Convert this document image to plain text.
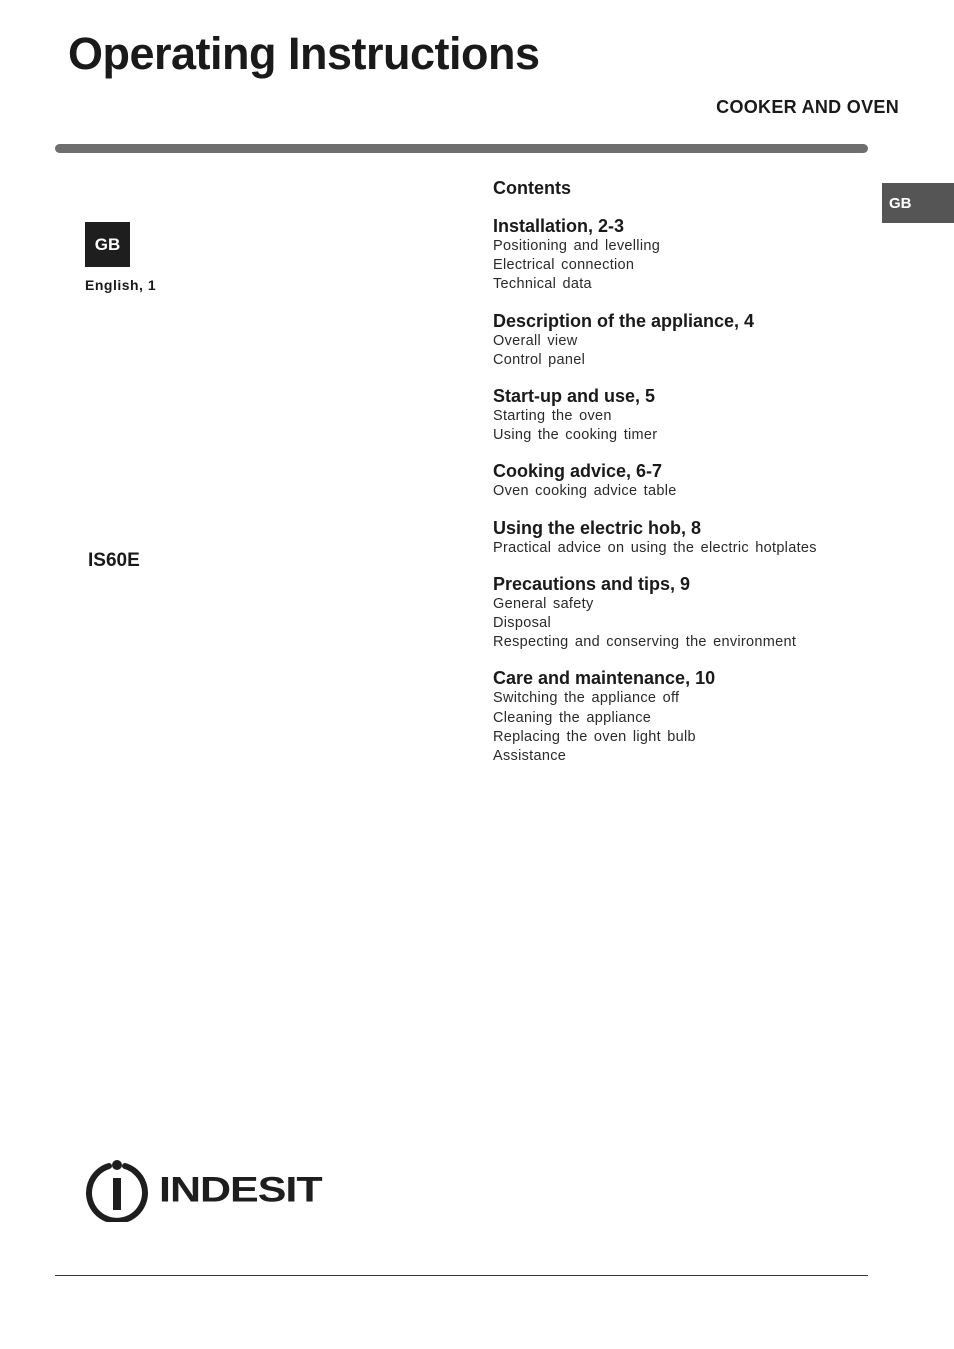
Operating Instructions
COOKER AND OVEN
GB
GB
English, 1
IS60E
Contents
Installation, 2-3
Positioning and levelling
Electrical connection
Technical data
Description of the appliance, 4
Overall view
Control panel
Start-up and use, 5
Starting the oven
Using the cooking timer
Cooking advice, 6-7
Oven cooking advice table
Using the electric hob, 8
Practical advice on using the electric hotplates
Precautions and tips, 9
General safety
Disposal
Respecting and conserving the environment
Care and maintenance, 10
Switching the appliance off
Cleaning the appliance
Replacing the oven light bulb
Assistance
INDESIT
